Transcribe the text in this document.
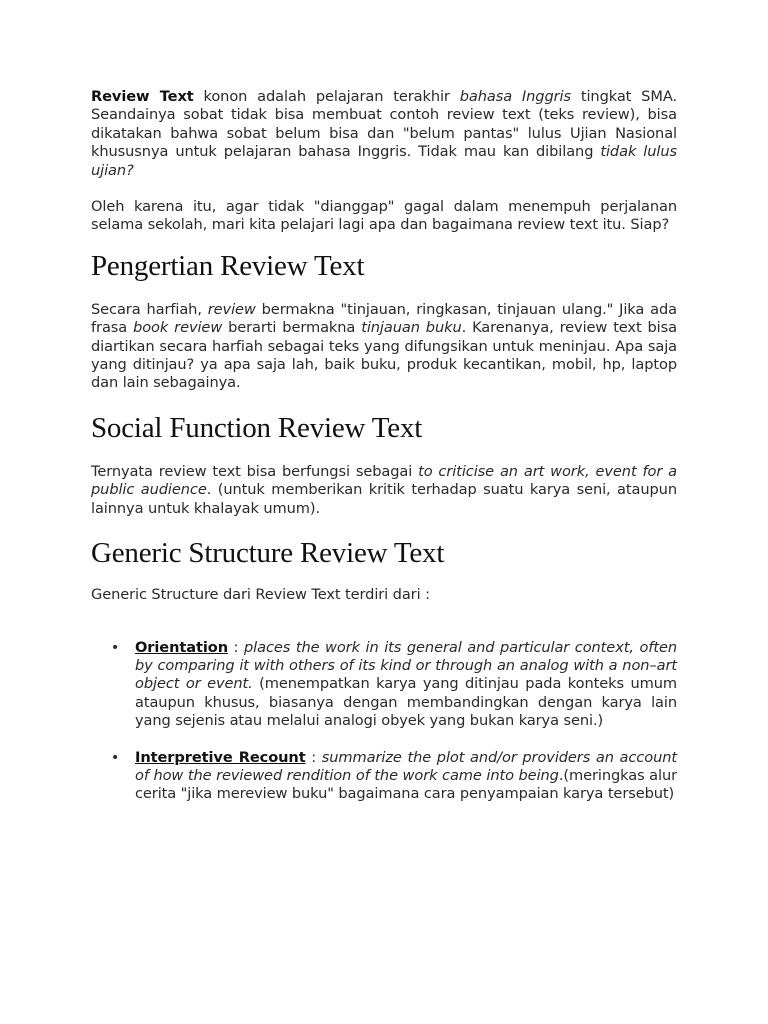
Review Text konon adalah pelajaran terakhir bahasa Inggris tingkat SMA. Seandainya sobat tidak bisa membuat contoh review text (teks review), bisa dikatakan bahwa sobat belum bisa dan "belum pantas" lulus Ujian Nasional khususnya untuk pelajaran bahasa Inggris. Tidak mau kan dibilang tidak lulus ujian?

Oleh karena itu, agar tidak "dianggap" gagal dalam menempuh perjalanan selama sekolah, mari kita pelajari lagi apa dan bagaimana review text itu. Siap?

Pengertian Review Text

Secara harfiah, review bermakna "tinjauan, ringkasan, tinjauan ulang." Jika ada frasa book review berarti bermakna tinjauan buku. Karenanya, review text bisa diartikan secara harfiah sebagai teks yang difungsikan untuk meninjau. Apa saja yang ditinjau? ya apa saja lah, baik buku, produk kecantikan, mobil, hp, laptop dan lain sebagainya.

Social Function Review Text

Ternyata review text bisa berfungsi sebagai to criticise an art work, event for a public audience. (untuk memberikan kritik terhadap suatu karya seni, ataupun lainnya untuk khalayak umum).

Generic Structure Review Text

Generic Structure dari Review Text terdiri dari :

• Orientation : places the work in its general and particular context, often by comparing it with others of its kind or through an analog with a non–art object or event. (menempatkan karya yang ditinjau pada konteks umum ataupun khusus, biasanya dengan membandingkan dengan karya lain yang sejenis atau melalui analogi obyek yang bukan karya seni.)

• Interpretive Recount : summarize the plot and/or providers an account of how the reviewed rendition of the work came into being.(meringkas alur cerita "jika mereview buku" bagaimana cara penyampaian karya tersebut)
